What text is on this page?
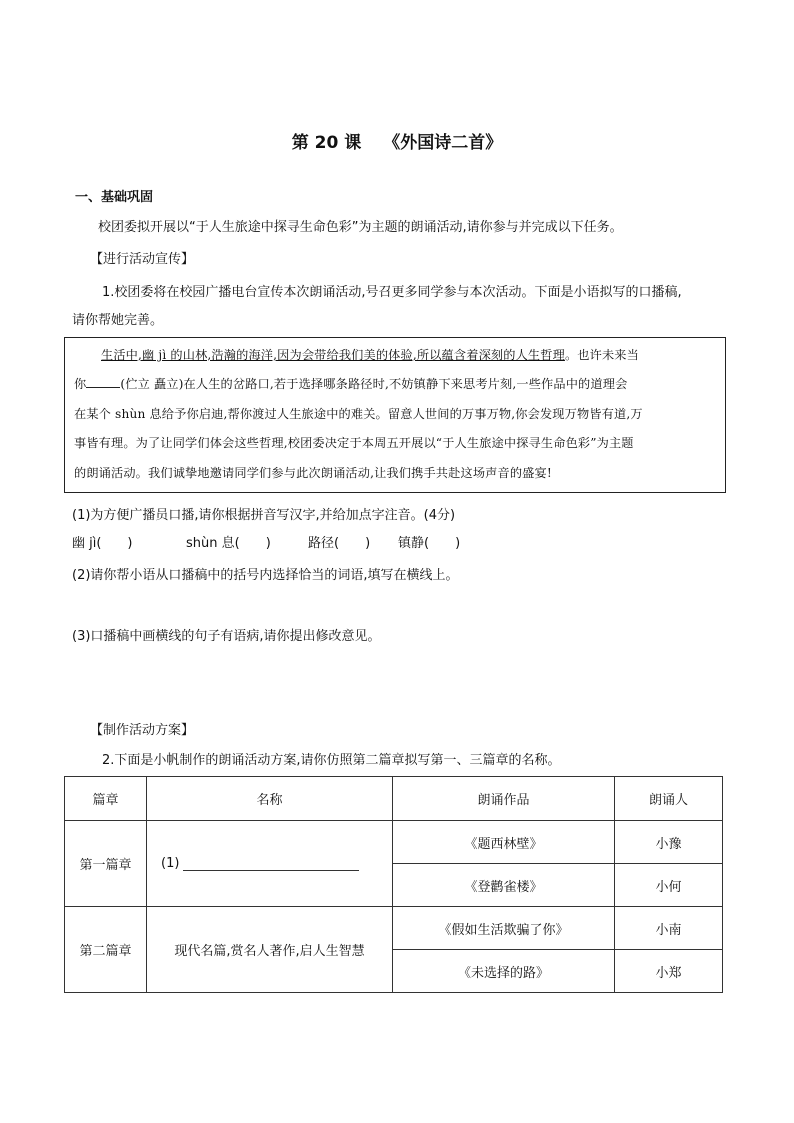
第 20 课 《外国诗二首》
一、基础巩固
校团委拟开展以“于人生旅途中探寻生命色彩”为主题的朗诵活动,请你参与并完成以下任务。
【进行活动宣传】
1.校团委将在校园广播电台宣传本次朗诵活动,号召更多同学参与本次活动。下面是小语拟写的口播稿,
请你帮她完善。
生活中,幽 jì 的山林,浩瀚的海洋,因为会带给我们美的体验,所以蕴含着深刻的人生哲理。也许未来当
你	(伫立 矗立)在人生的岔路口,若于选择哪条路径时,不妨镇静下来思考片刻,一些作品中的道理会
在某个 shùn 息给予你启迪,帮你渡过人生旅途中的难关。留意人世间的万事万物,你会发现万物皆有道,万
事皆有理。为了让同学们体会这些哲理,校团委决定于本周五开展以“于人生旅途中探寻生命色彩”为主题
的朗诵活动。我们诚挚地邀请同学们参与此次朗诵活动,让我们携手共赴这场声音的盛宴!
(1)为方便广播员口播,请你根据拼音写汉字,并给加点字注音。(4分)
幽 jì(　　)	shùn 息(　　)	路径(　　) 镇静(　　)
(2)请你帮小语从口播稿中的括号内选择恰当的词语,填写在横线上。
(3)口播稿中画横线的句子有语病,请你提出修改意见。
【制作活动方案】
2.下面是小帆制作的朗诵活动方案,请你仿照第二篇章拟写第一、三篇章的名称。
篇章	名称	朗诵作品	朗诵人
第一篇章	(1)	《题西林壁》	小豫
		《登鹳雀楼》	小何
第二篇章	现代名篇,赏名人著作,启人生智慧	《假如生活欺骗了你》	小南
		《未选择的路》	小郑
